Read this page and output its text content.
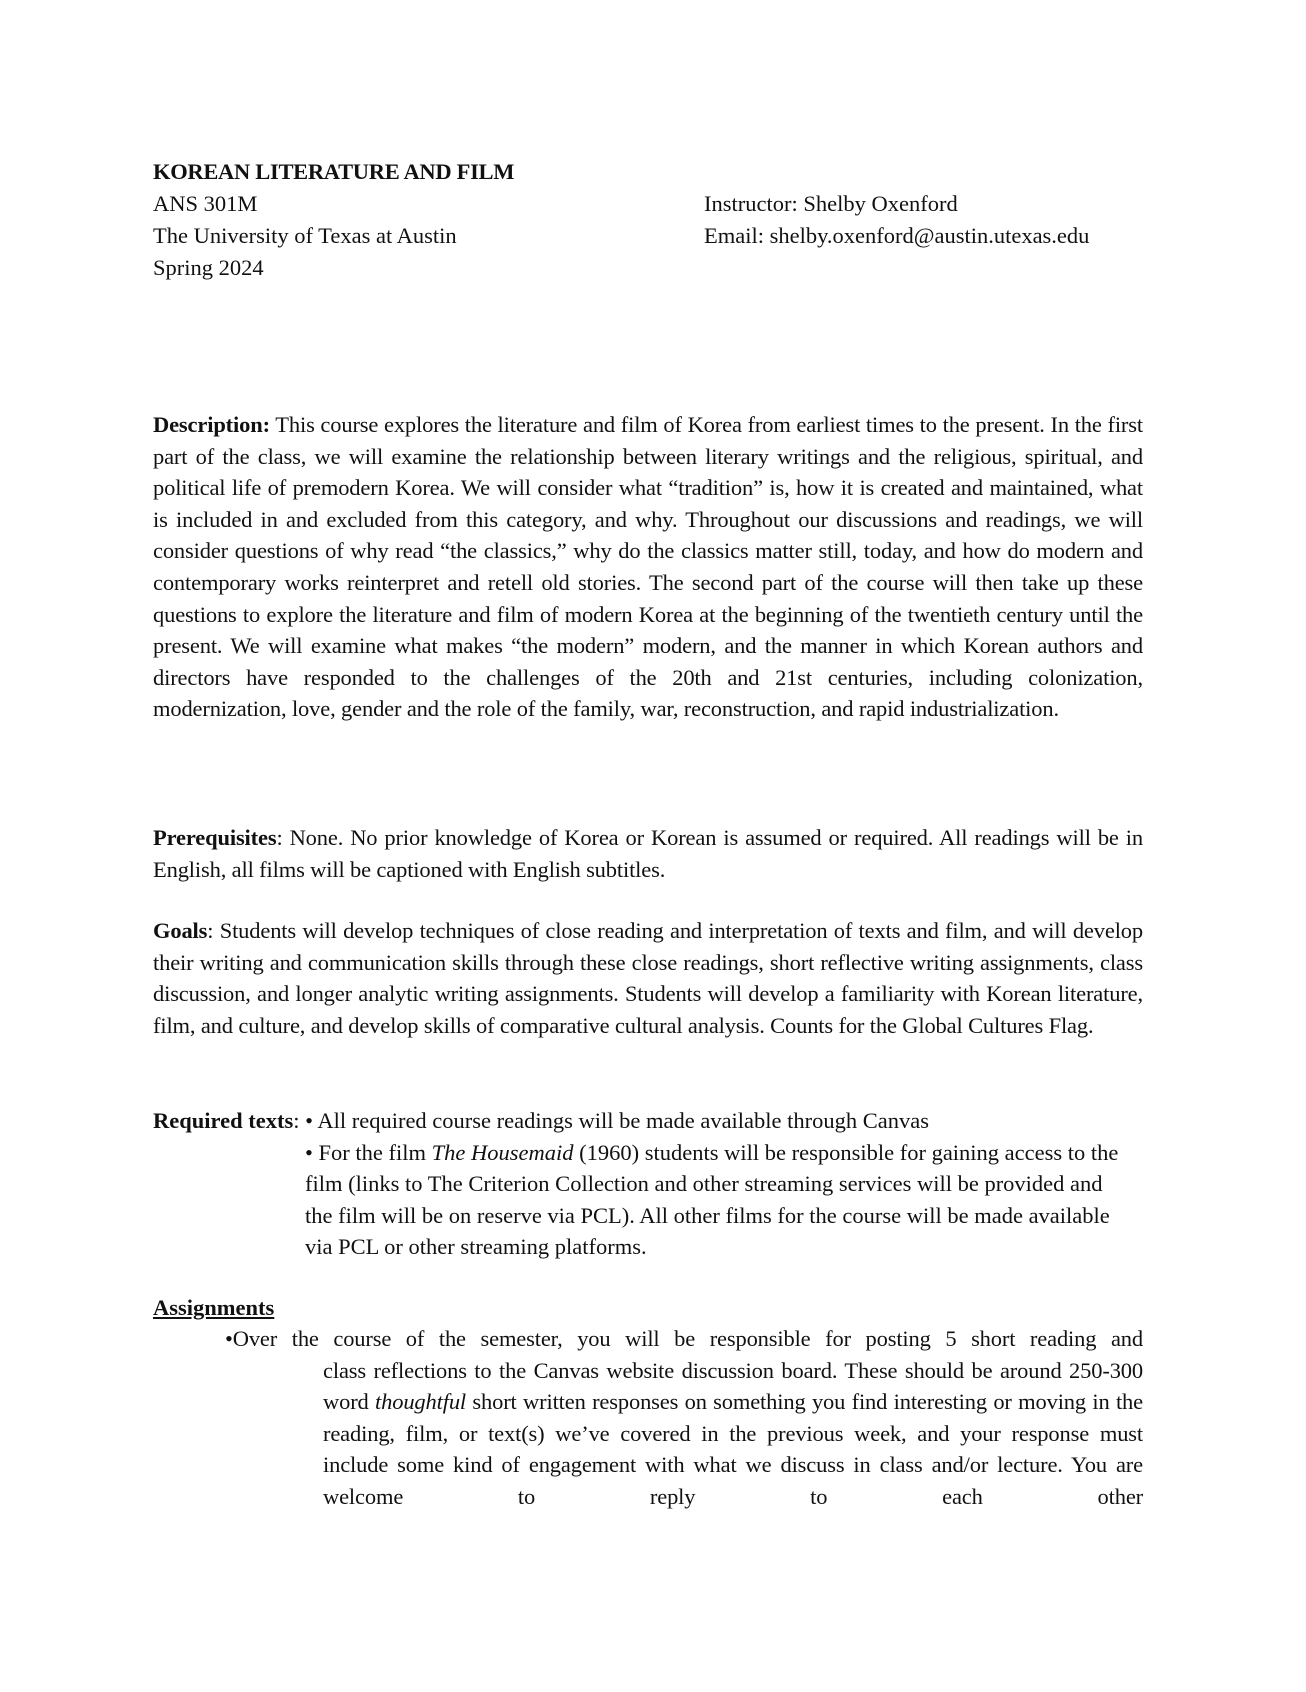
KOREAN LITERATURE AND FILM
ANS 301M
The University of Texas at Austin
Spring 2024
Instructor: Shelby Oxenford
Email: shelby.oxenford@austin.utexas.edu

Description: This course explores the literature and film of Korea from earliest times to the present. In the first part of the class, we will examine the relationship between literary writings and the religious, spiritual, and political life of premodern Korea. We will consider what “tradition” is, how it is created and maintained, what is included in and excluded from this category, and why. Throughout our discussions and readings, we will consider questions of why read “the classics,” why do the classics matter still, today, and how do modern and contemporary works reinterpret and retell old stories. The second part of the course will then take up these questions to explore the literature and film of modern Korea at the beginning of the twentieth century until the present. We will examine what makes “the modern” modern, and the manner in which Korean authors and directors have responded to the challenges of the 20th and 21st centuries, including colonization, modernization, love, gender and the role of the family, war, reconstruction, and rapid industrialization.

Prerequisites: None. No prior knowledge of Korea or Korean is assumed or required. All readings will be in English, all films will be captioned with English subtitles.

Goals: Students will develop techniques of close reading and interpretation of texts and film, and will develop their writing and communication skills through these close readings, short reflective writing assignments, class discussion, and longer analytic writing assignments. Students will develop a familiarity with Korean literature, film, and culture, and develop skills of comparative cultural analysis. Counts for the Global Cultures Flag.

Required texts: • All required course readings will be made available through Canvas
• For the film The Housemaid (1960) students will be responsible for gaining access to the film (links to The Criterion Collection and other streaming services will be provided and the film will be on reserve via PCL). All other films for the course will be made available via PCL or other streaming platforms.
Assignments
•Over the course of the semester, you will be responsible for posting 5 short reading and
class reflections to the Canvas website discussion board. These should be around 250-300 word thoughtful short written responses on something you find interesting or moving in the reading, film, or text(s) we’ve covered in the previous week, and your response must include some kind of engagement with what we discuss in class and/or lecture. You are welcome to reply to each other
